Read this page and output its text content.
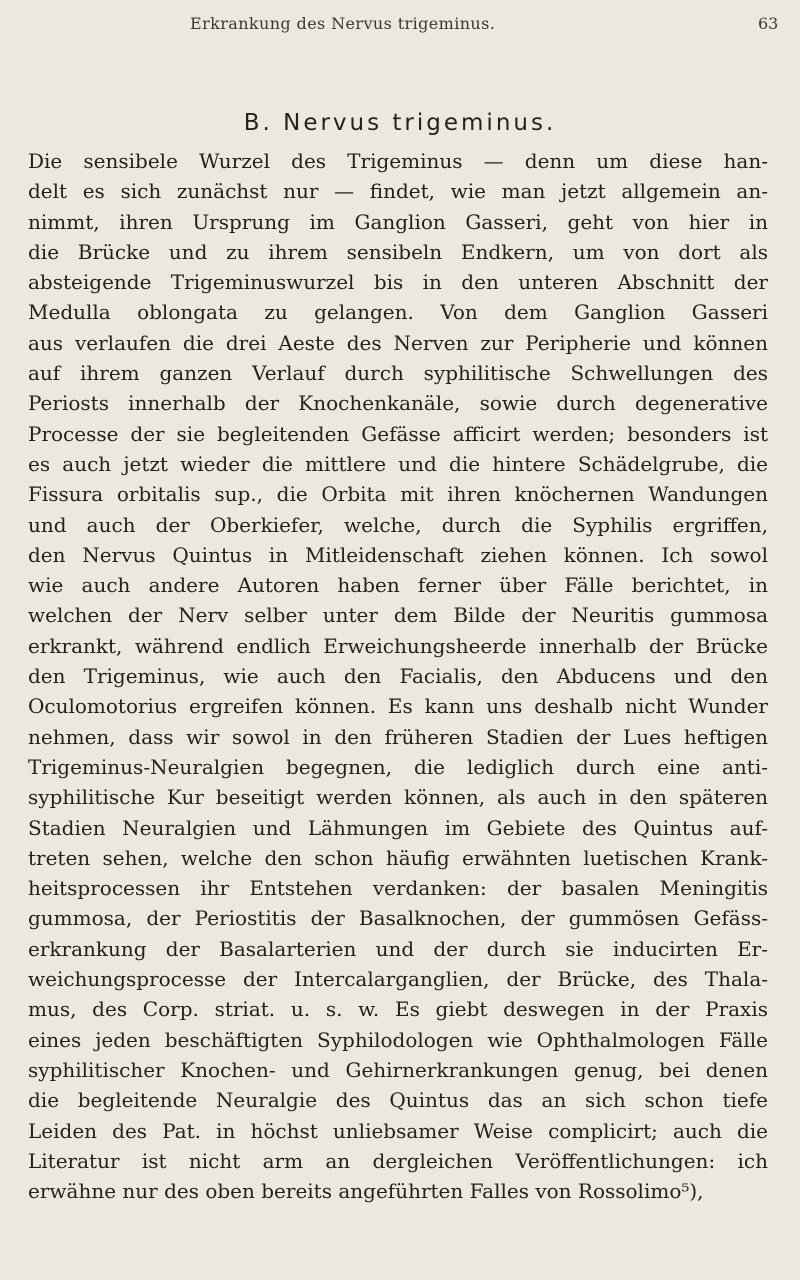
Erkrankung des Nervus trigeminus.	63
B. Nervus trigeminus.

Die sensibele Wurzel des Trigeminus — denn um diese han-
delt es sich zunächst nur — findet, wie man jetzt allgemein an-
nimmt, ihren Ursprung im Ganglion Gasseri, geht von hier in
die Brücke und zu ihrem sensibeln Endkern, um von dort als
absteigende Trigeminuswurzel bis in den unteren Abschnitt der
Medulla oblongata zu gelangen. Von dem Ganglion Gasseri
aus verlaufen die drei Aeste des Nerven zur Peripherie und können
auf ihrem ganzen Verlauf durch syphilitische Schwellungen des
Periosts innerhalb der Knochenkanäle, sowie durch degenerative
Processe der sie begleitenden Gefässe afficirt werden; besonders ist
es auch jetzt wieder die mittlere und die hintere Schädelgrube, die
Fissura orbitalis sup., die Orbita mit ihren knöchernen Wandungen
und auch der Oberkiefer, welche, durch die Syphilis ergriffen,
den Nervus Quintus in Mitleidenschaft ziehen können. Ich sowol
wie auch andere Autoren haben ferner über Fälle berichtet, in
welchen der Nerv selber unter dem Bilde der Neuritis gummosa
erkrankt, während endlich Erweichungsheerde innerhalb der Brücke
den Trigeminus, wie auch den Facialis, den Abducens und den
Oculomotorius ergreifen können. Es kann uns deshalb nicht Wunder
nehmen, dass wir sowol in den früheren Stadien der Lues heftigen
Trigeminus-Neuralgien begegnen, die lediglich durch eine anti-
syphilitische Kur beseitigt werden können, als auch in den späteren
Stadien Neuralgien und Lähmungen im Gebiete des Quintus auf-
treten sehen, welche den schon häufig erwähnten luetischen Krank-
heitsprocessen ihr Entstehen verdanken: der basalen Meningitis
gummosa, der Periostitis der Basalknochen, der gummösen Gefäss-
erkrankung der Basalarterien und der durch sie inducirten Er-
weichungsprocesse der Intercalarganglien, der Brücke, des Thala-
mus, des Corp. striat. u. s. w. Es giebt deswegen in der Praxis
eines jeden beschäftigten Syphilodologen wie Ophthalmologen Fälle
syphilitischer Knochen- und Gehirnerkrankungen genug, bei denen
die begleitende Neuralgie des Quintus das an sich schon tiefe
Leiden des Pat. in höchst unliebsamer Weise complicirt; auch die
Literatur ist nicht arm an dergleichen Veröffentlichungen: ich
erwähne nur des oben bereits angeführten Falles von Rossolimo⁵),
